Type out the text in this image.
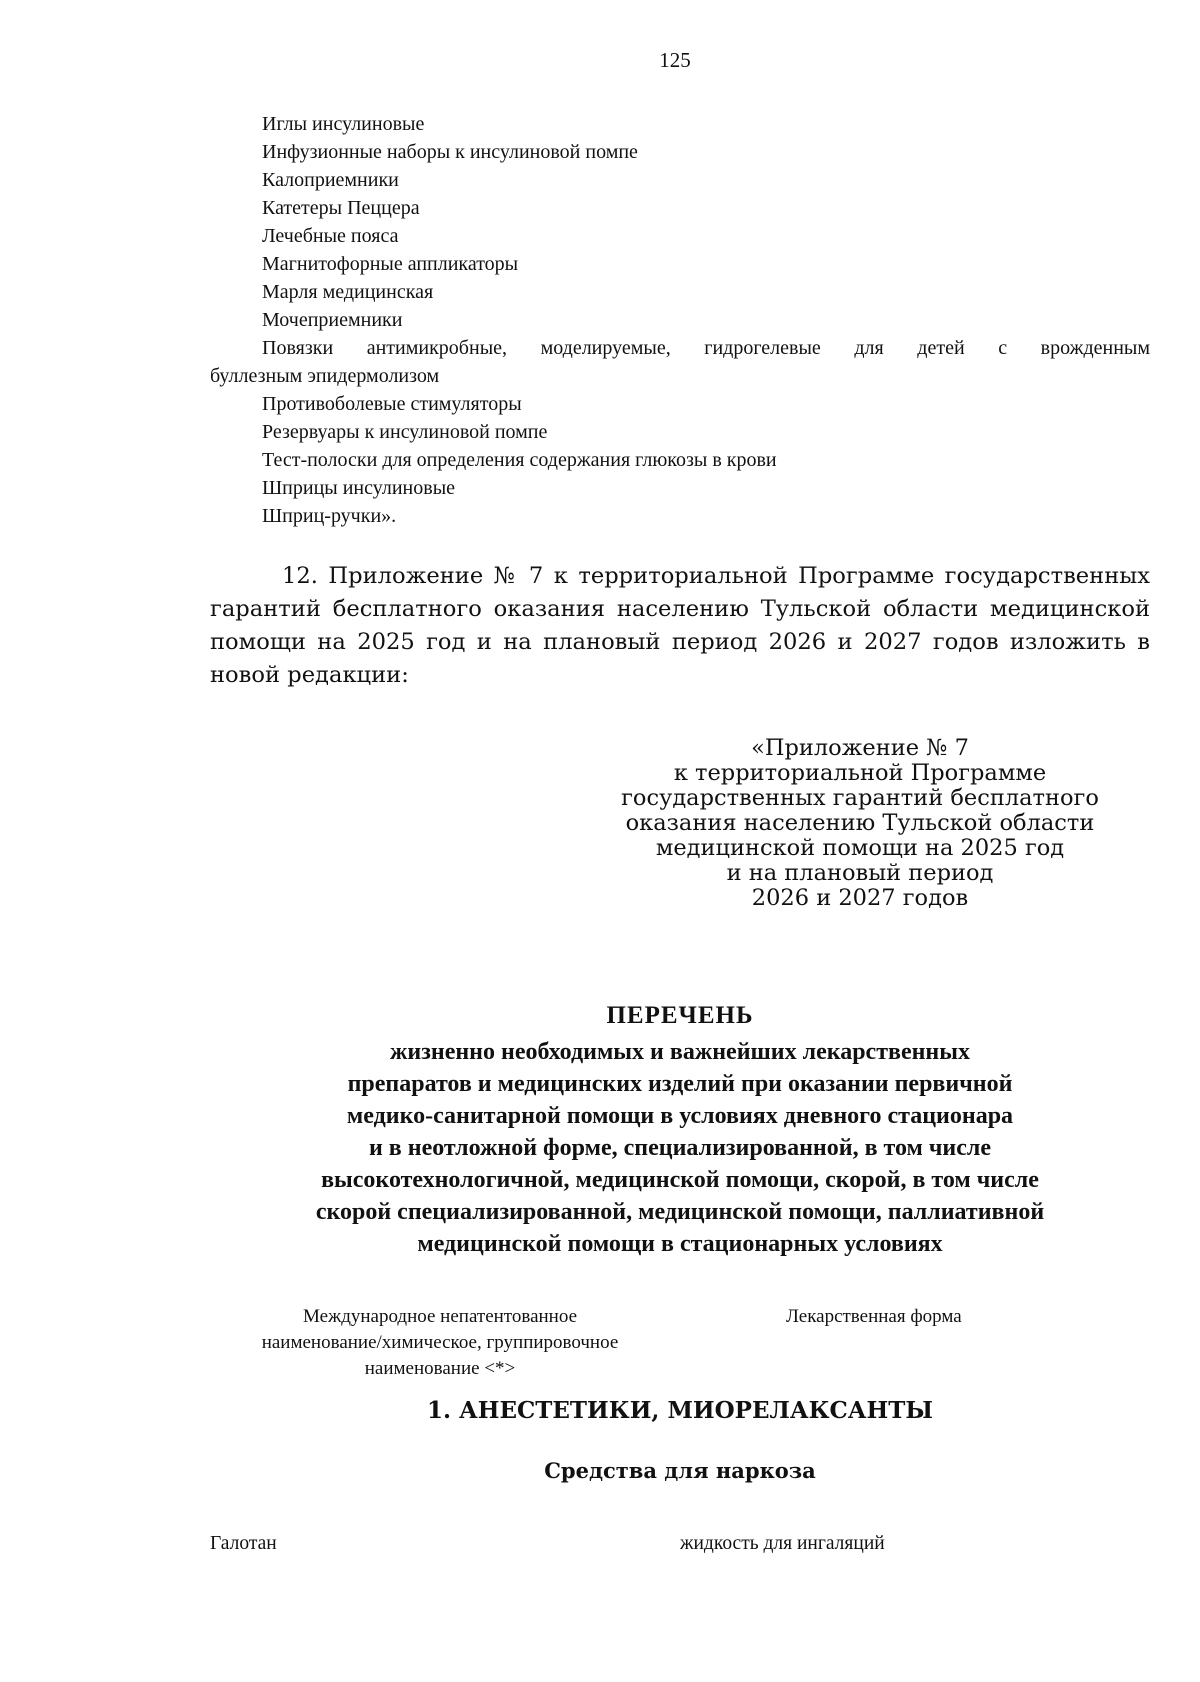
125
Иглы инсулиновые
Инфузионные наборы к инсулиновой помпе
Калоприемники
Катетеры Пеццера
Лечебные пояса
Магнитофорные аппликаторы
Марля медицинская
Мочеприемники
Повязки антимикробные, моделируемые, гидрогелевые для детей с врожденным
буллезным эпидермолизом
Противоболевые стимуляторы
Резервуары к инсулиновой помпе
Тест-полоски для определения содержания глюкозы в крови
Шприцы инсулиновые
Шприц-ручки».
12. Приложение № 7 к территориальной Программе государственных гарантий бесплатного оказания населению Тульской области медицинской помощи на 2025 год и на плановый период 2026 и 2027 годов изложить в новой редакции:
«Приложение № 7
к территориальной Программе
государственных гарантий бесплатного
оказания населению Тульской области
медицинской помощи на 2025 год
и на плановый период
2026 и 2027 годов
ПЕРЕЧЕНЬ
жизненно необходимых и важнейших лекарственных
препаратов и медицинских изделий при оказании первичной
медико-санитарной помощи в условиях дневного стационара
и в неотложной форме, специализированной, в том числе
высокотехнологичной, медицинской помощи, скорой, в том числе
скорой специализированной, медицинской помощи, паллиативной
медицинской помощи в стационарных условиях
Международное непатентованное
наименование/химическое, группировочное
наименование <*>
Лекарственная форма
1. АНЕСТЕТИКИ, МИОРЕЛАКСАНТЫ
Средства для наркоза
Галотан	жидкость для ингаляций
